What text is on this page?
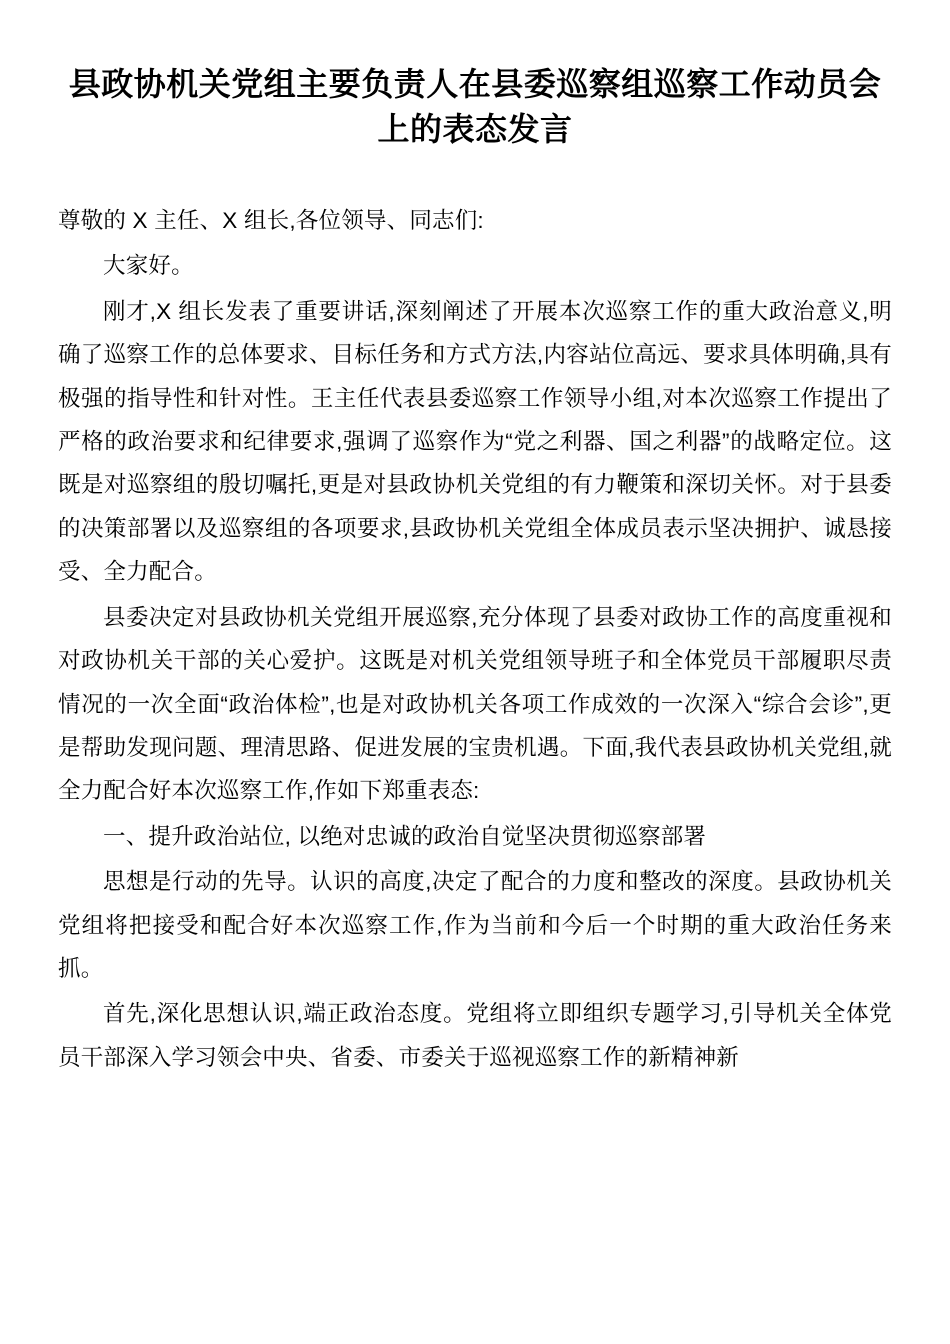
县政协机关党组主要负责人在县委巡察组巡察工作动员会上的表态发言

尊敬的 X 主任、X 组长,各位领导、同志们:

大家好。

刚才,X 组长发表了重要讲话,深刻阐述了开展本次巡察工作的重大政治意义,明确了巡察工作的总体要求、目标任务和方式方法,内容站位高远、要求具体明确,具有极强的指导性和针对性。王主任代表县委巡察工作领导小组,对本次巡察工作提出了严格的政治要求和纪律要求,强调了巡察作为“党之利器、国之利器”的战略定位。这既是对巡察组的殷切嘱托,更是对县政协机关党组的有力鞭策和深切关怀。对于县委的决策部署以及巡察组的各项要求,县政协机关党组全体成员表示坚决拥护、诚恳接受、全力配合。

县委决定对县政协机关党组开展巡察,充分体现了县委对政协工作的高度重视和对政协机关干部的关心爱护。这既是对机关党组领导班子和全体党员干部履职尽责情况的一次全面“政治体检”,也是对政协机关各项工作成效的一次深入“综合会诊”,更是帮助发现问题、理清思路、促进发展的宝贵机遇。下面,我代表县政协机关党组,就全力配合好本次巡察工作,作如下郑重表态:

一、提升政治站位, 以绝对忠诚的政治自觉坚决贯彻巡察部署

思想是行动的先导。认识的高度,决定了配合的力度和整改的深度。县政协机关党组将把接受和配合好本次巡察工作,作为当前和今后一个时期的重大政治任务来抓。

首先,深化思想认识,端正政治态度。党组将立即组织专题学习,引导机关全体党员干部深入学习领会中央、省委、市委关于巡视巡察工作的新精神新
